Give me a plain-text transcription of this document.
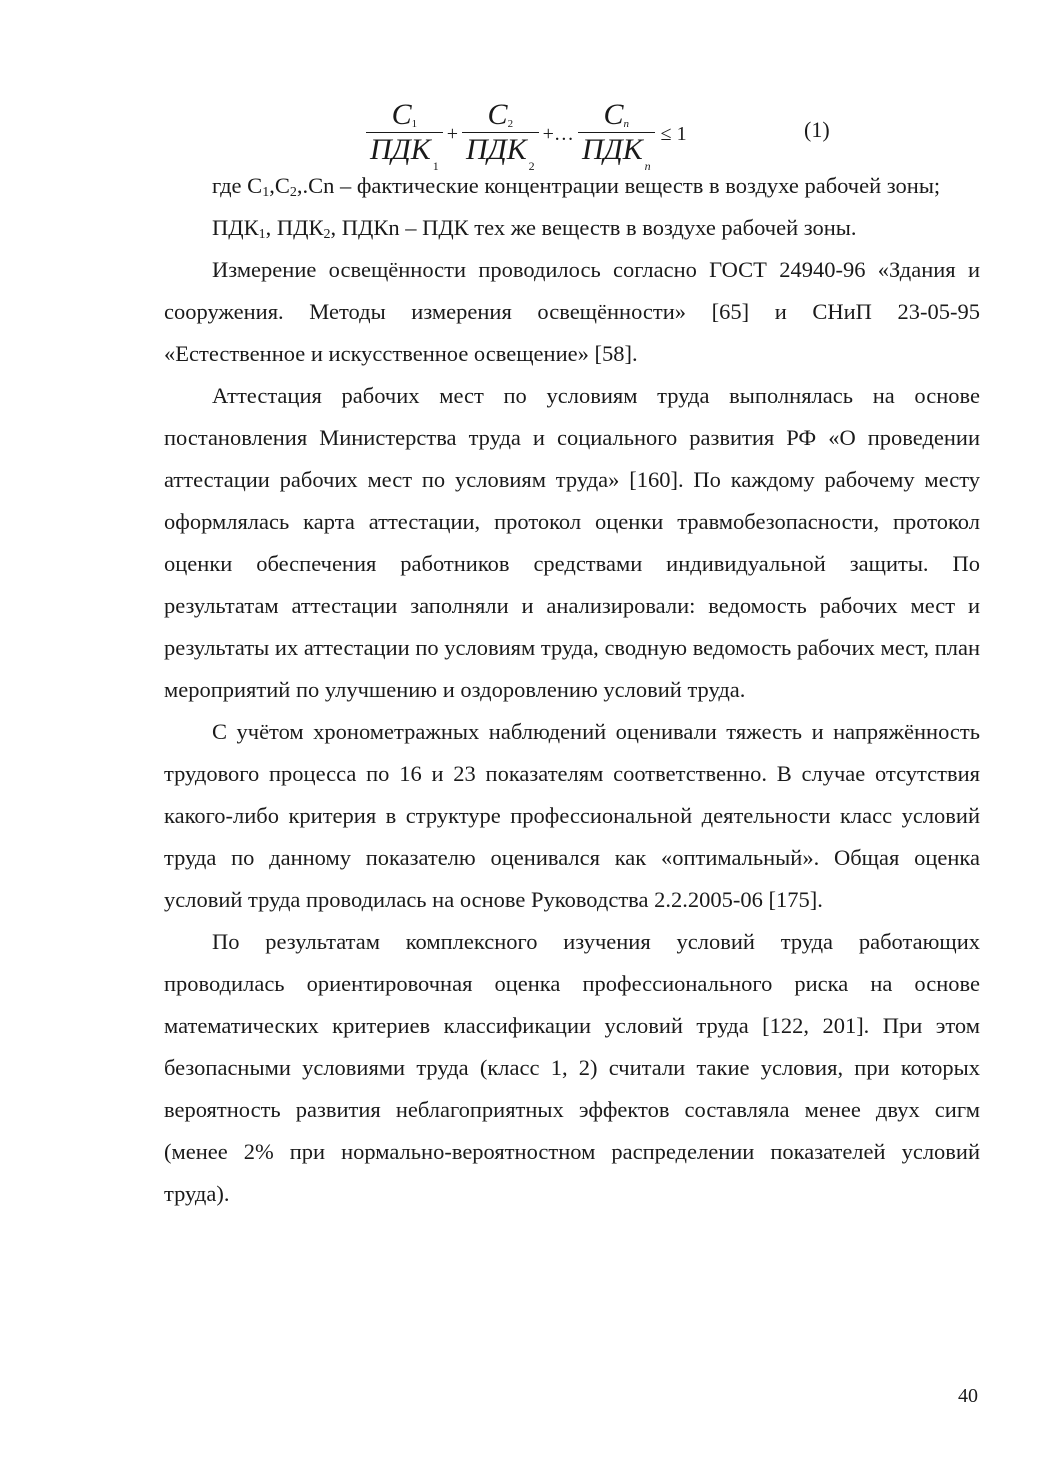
$\frac{C_1}{ПДК _1} + \frac{C_2}{ПДК _2}$ +… $\frac{Cn}{ПДК _n} \le 1$	(1)

где $C_1,C_2,.Cn$ – фактические концентрации веществ в воздухе рабочей зоны;

$ПДК_1$, $ПДК_2$, ПДКn – ПДК тех же веществ в воздухе рабочей зоны.

Измерение освещённости проводилось согласно ГОСТ 24940-96 «Здания и сооружения. Методы измерения освещённости» [65] и СНиП 23-05-95 «Естественное и искусственное освещение» [58].

Аттестация рабочих мест по условиям труда выполнялась на основе постановления Министерства труда и социального развития РФ «О проведении аттестации рабочих мест по условиям труда» [160]. По каждому рабочему месту оформлялась карта аттестации, протокол оценки травмобезопасности, протокол оценки обеспечения работников средствами индивидуальной защиты. По результатам аттестации заполняли и анализировали: ведомость рабочих мест и результаты их аттестации по условиям труда, сводную ведомость рабочих мест, план мероприятий по улучшению и оздоровлению условий труда.

С учётом хронометражных наблюдений оценивали тяжесть и напряжённость трудового процесса по 16 и 23 показателям соответственно. В случае отсутствия какого-либо критерия в структуре профессиональной деятельности класс условий труда по данному показателю оценивался как «оптимальный». Общая оценка условий труда проводилась на основе Руководства 2.2.2005-06 [175].

По результатам комплексного изучения условий труда работающих проводилась ориентировочная оценка профессионального риска на основе математических критериев классификации условий труда [122, 201]. При этом безопасными условиями труда (класс 1, 2) считали такие условия, при которых вероятность развития неблагоприятных эффектов составляла менее двух сигм (менее 2% при нормально-вероятностном распределении показателей условий труда).

40
